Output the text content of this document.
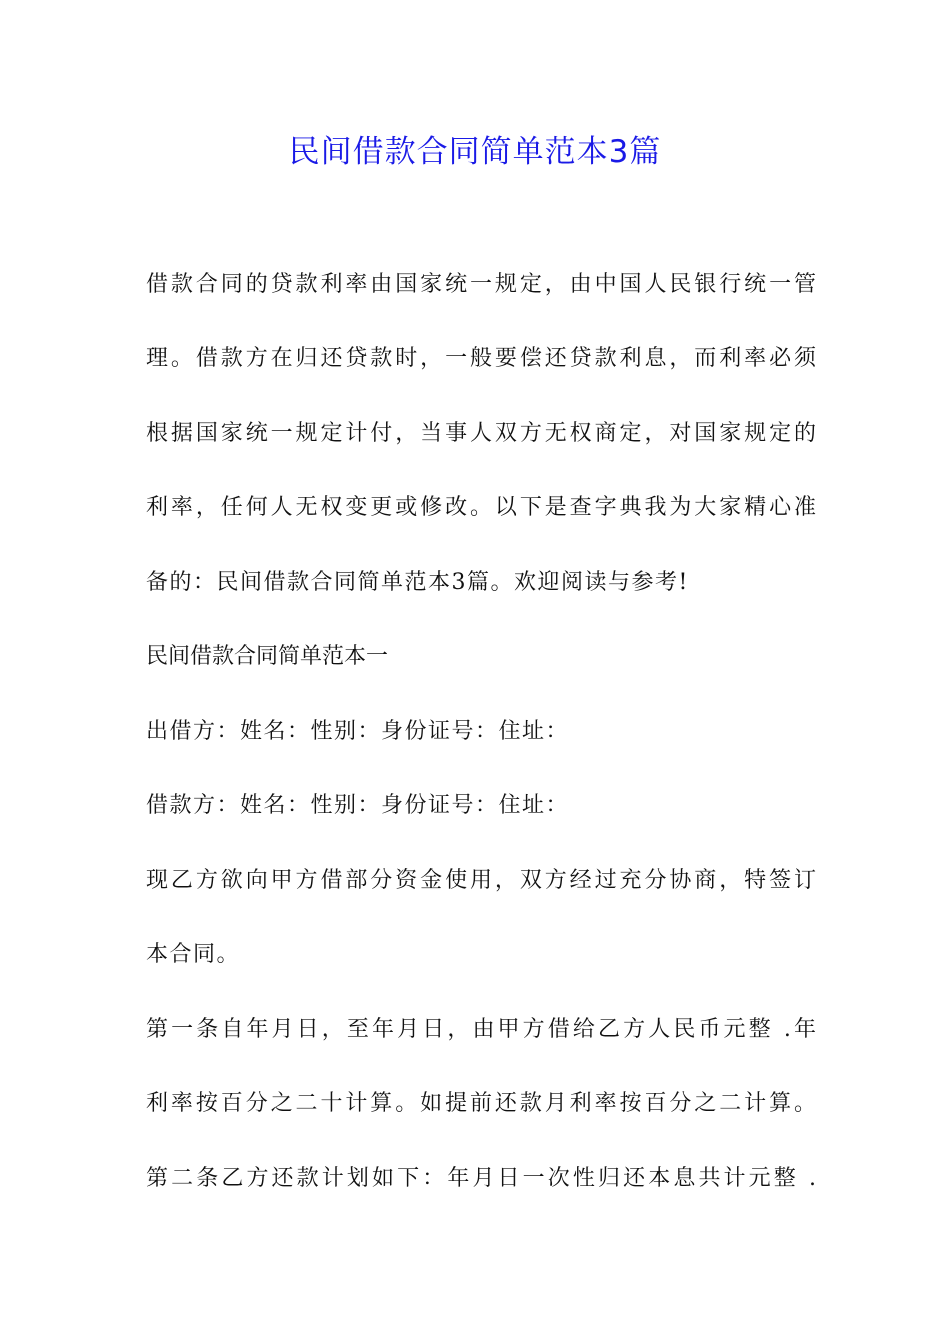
民间借款合同简单范本3篇
借款合同的贷款利率由国家统一规定，由中国人民银行统一管
理。借款方在归还贷款时，一般要偿还贷款利息，而利率必须
根据国家统一规定计付，当事人双方无权商定，对国家规定的
利率，任何人无权变更或修改。以下是查字典我为大家精心准
备的：民间借款合同简单范本3篇。欢迎阅读与参考!
民间借款合同简单范本一
出借方：姓名：性别：身份证号：住址：
借款方：姓名：性别：身份证号：住址：
现乙方欲向甲方借部分资金使用，双方经过充分协商，特签订
本合同。
第一条自年月日，至年月日，由甲方借给乙方人民币元整 .年
利率按百分之二十计算。如提前还款月利率按百分之二计算。
第二条乙方还款计划如下：年月日一次性归还本息共计元整 .
